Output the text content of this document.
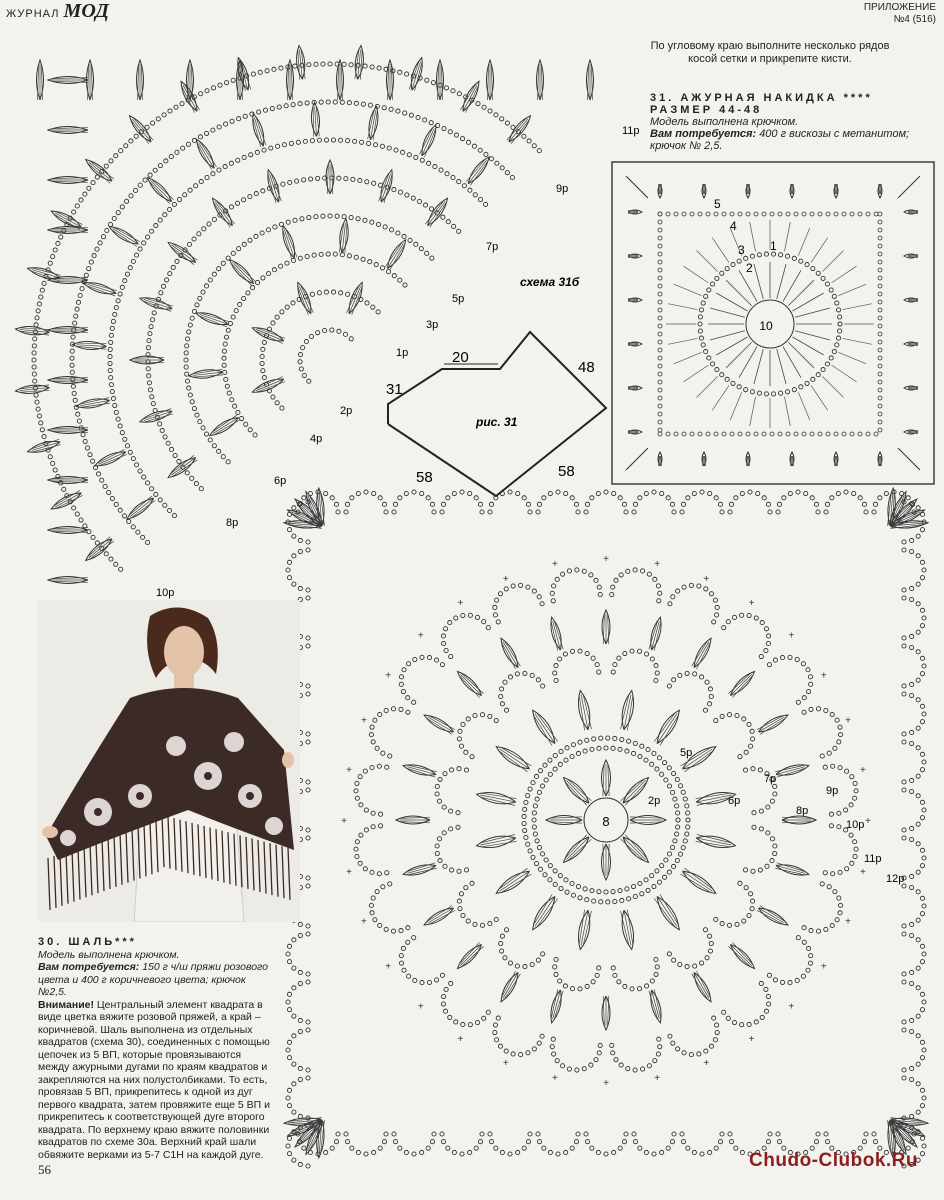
ЖУРНАЛ МОД	ПРИЛОЖЕНИЕ
№4 (516)
По угловому краю выполните несколько рядов косой сетки и прикрепите кисти.
31. АЖУРНАЯ НАКИДКА ****
РАЗМЕР 44-48
Модель выполнена крючком.
Вам потребуется: 400 г вискозы с метанитом; крючок № 2,5.
+
+
+
+
+
+
+
+
+
+
+
+
+
+
+
+
+
+
+
+
+
+
+
+	+	+
+
+
+
+
+
+
схема 31б
рис. 31
20
48
31
58	58
10
1
2
3
4
5
1p
2p
3p
4p
5p
6p
7p
8p
9p
10p
11p
8
2p
5p
6p
7p
8p
9p
10p
11p
12p
30. ШАЛЬ***
Модель выполнена крючком.
Вам потребуется: 150 г ч/ш пряжи розового цвета и 400 г коричневого цвета; крючок №2,5.
Внимание! Центральный элемент квадрата в виде цветка вяжите розовой пряжей, а край – коричневой. Шаль выполнена из отдельных квадратов (схема 30), соединенных с помощью цепочек из 5 ВП, которые провязываются между ажурными дугами по краям квадратов и закрепляются на них полустолбиками. То есть, провязав 5 ВП, прикрепитесь к одной из дуг первого квадрата, затем провяжите еще 5 ВП и прикрепитесь к соответствующей дуге второго квадрата. По верхнему краю вяжите половинки квадратов по схеме 30а. Верхний край шали обвяжите верками из 5-7 С1Н на каждой дуге.
56	Chudo-Clubok.Ru
